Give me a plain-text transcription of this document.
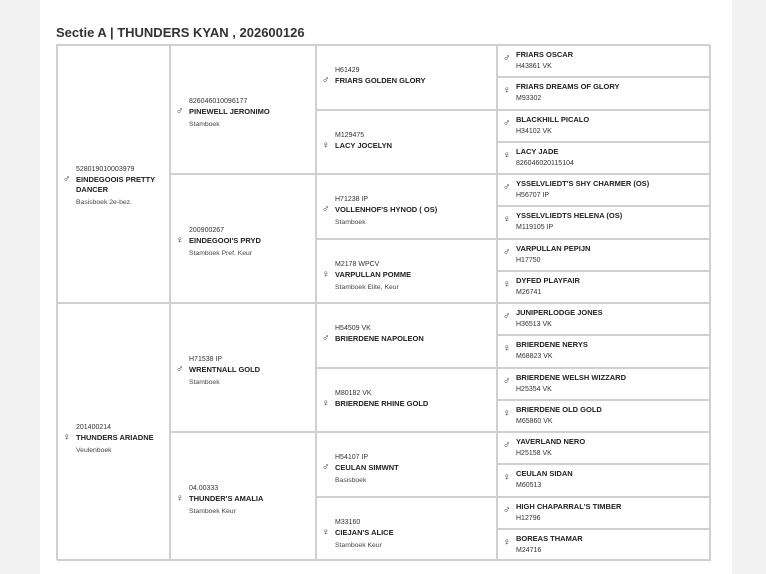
Sectie A | THUNDERS KYAN , 202600126
528019010003979
♂ EINDEGOOIS PRETTY DANCER
Basisboek 2e-bez.
201400214
♀ THUNDERS ARIADNE
Veulenboek
826046010096177
♂ PINEWELL JERONIMO
Stamboek
200900267
♀ EINDEGOOI'S PRYD
Stamboek Pref. Keur
H71538 IP
♂ WRENTNALL GOLD
Stamboek
04.00333
♀ THUNDER'S AMALIA
Stamboek Keur
H61429
♂ FRIARS GOLDEN GLORY
M129475
♀ LACY JOCELYN
H71238 IP
♂ VOLLENHOF'S HYNOD ( OS)
Stamboek
M2178 WPCV
♀ VARPULLAN POMME
Stamboek Elite, Keur
H54509 VK
♂ BRIERDENE NAPOLEON
M80182 VK
♀ BRIERDENE RHINE GOLD
H54107 IP
♂ CEULAN SIMWNT
Basisboek
M33160
♀ CIEJAN'S ALICE
Stamboek Keur
♂ FRIARS OSCAR
H43861 VK
♀ FRIARS DREAMS OF GLORY
M93302
♂ BLACKHILL PICALO
H34102 VK
♀ LACY JADE
826046020115104
♂ YSSELVLIEDT'S SHY CHARMER (OS)
H56707 IP
♀ YSSELVLIEDTS HELENA (OS)
M119105 IP
♂ VARPULLAN PEPIJN
H17750
♀ DYFED PLAYFAIR
M26741
♂ JUNIPERLODGE JONES
H36513 VK
♀ BRIERDENE NERYS
M68823 VK
♂ BRIERDENE WELSH WIZZARD
H25354 VK
♀ BRIERDENE OLD GOLD
M65860 VK
♂ YAVERLAND NERO
H25158 VK
♀ CEULAN SIDAN
M60513
♂ HIGH CHAPARRAL'S TIMBER
H12796
♀ BOREAS THAMAR
M24716
